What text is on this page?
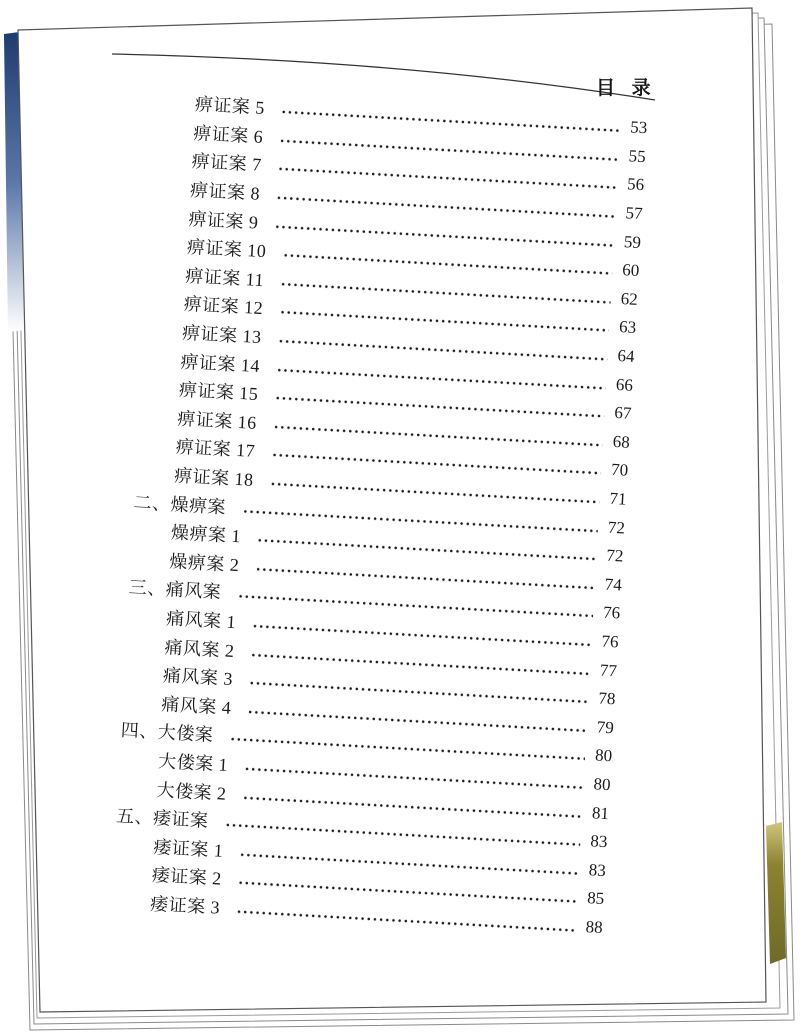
目 录
痹证案 5
53
痹证案 6
55
痹证案 7
56
痹证案 8
57
痹证案 9
59
痹证案 10
60
痹证案 11
62
痹证案 12
63
痹证案 13
64
痹证案 14
66
痹证案 15
67
痹证案 16
68
痹证案 17
70
痹证案 18
71
二、燥痹案
72
燥痹案 1
72
燥痹案 2
74
三、痛风案
76
痛风案 1
76
痛风案 2
77
痛风案 3
78
痛风案 4
79
四、大偻案
80
大偻案 1
80
大偻案 2
81
五、痿证案
83
痿证案 1
83
痿证案 2
85
痿证案 3
88
